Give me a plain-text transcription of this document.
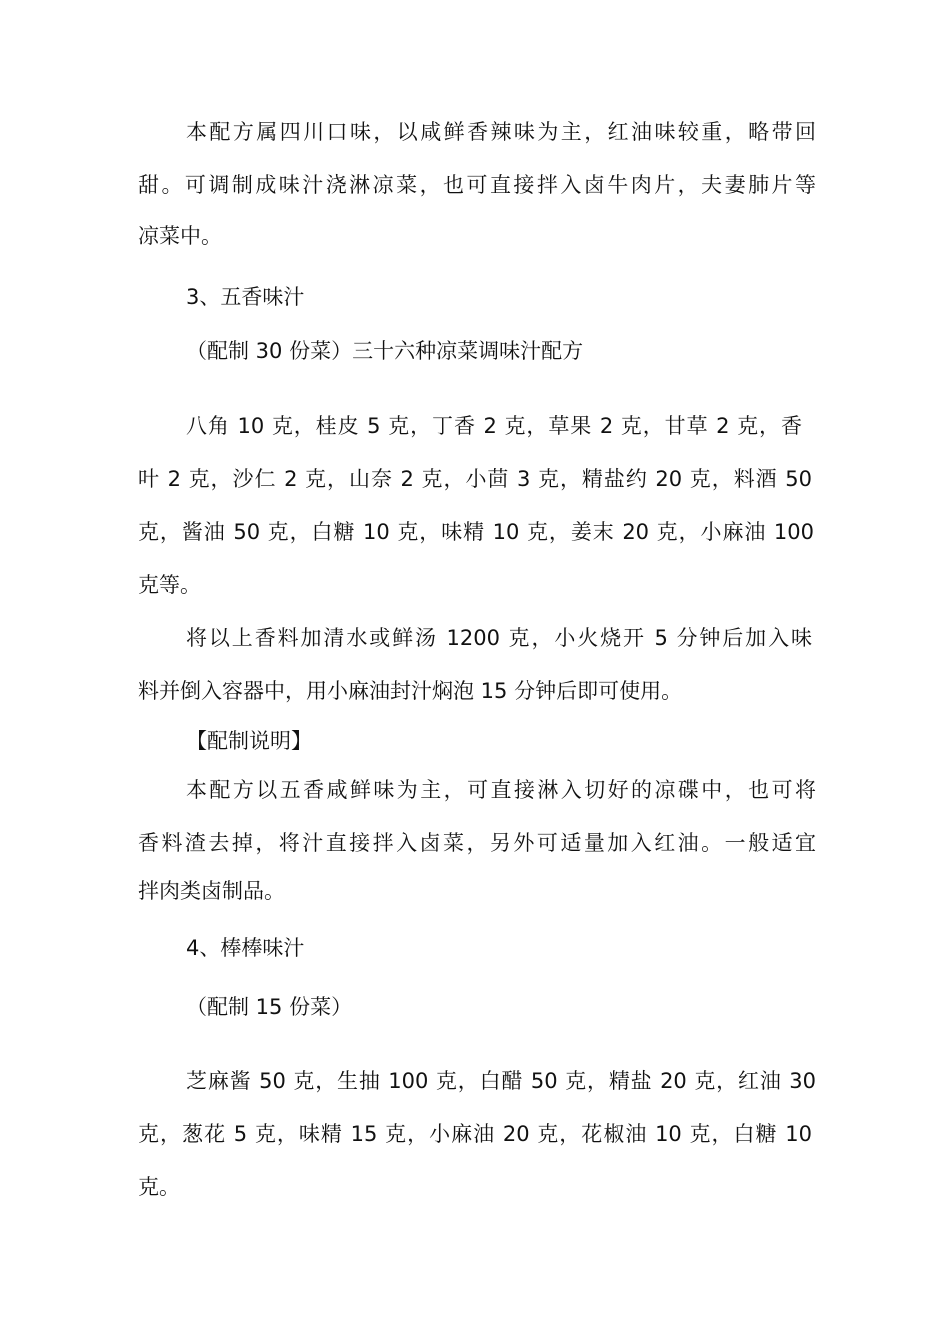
本配方属四川口味，以咸鲜香辣味为主，红油味较重，略带回
甜。可调制成味汁浇淋凉菜，也可直接拌入卤牛肉片，夫妻肺片等
凉菜中。
3、五香味汁
（配制 30 份菜）三十六种凉菜调味汁配方
八角 10 克，桂皮 5 克，丁香 2 克，草果 2 克，甘草 2 克，香
叶 2 克，沙仁 2 克，山奈 2 克，小茴 3 克，精盐约 20 克，料酒 50
克，酱油 50 克，白糖 10 克，味精 10 克，姜末 20 克，小麻油 100
克等。
将以上香料加清水或鲜汤 1200 克，小火烧开 5 分钟后加入味
料并倒入容器中，用小麻油封汁焖泡 15 分钟后即可使用。
【配制说明】
本配方以五香咸鲜味为主，可直接淋入切好的凉碟中，也可将
香料渣去掉，将汁直接拌入卤菜，另外可适量加入红油。一般适宜
拌肉类卤制品。
4、棒棒味汁
（配制 15 份菜）
芝麻酱 50 克，生抽 100 克，白醋 50 克，精盐 20 克，红油 30
克，葱花 5 克，味精 15 克，小麻油 20 克，花椒油 10 克，白糖 10
克。
